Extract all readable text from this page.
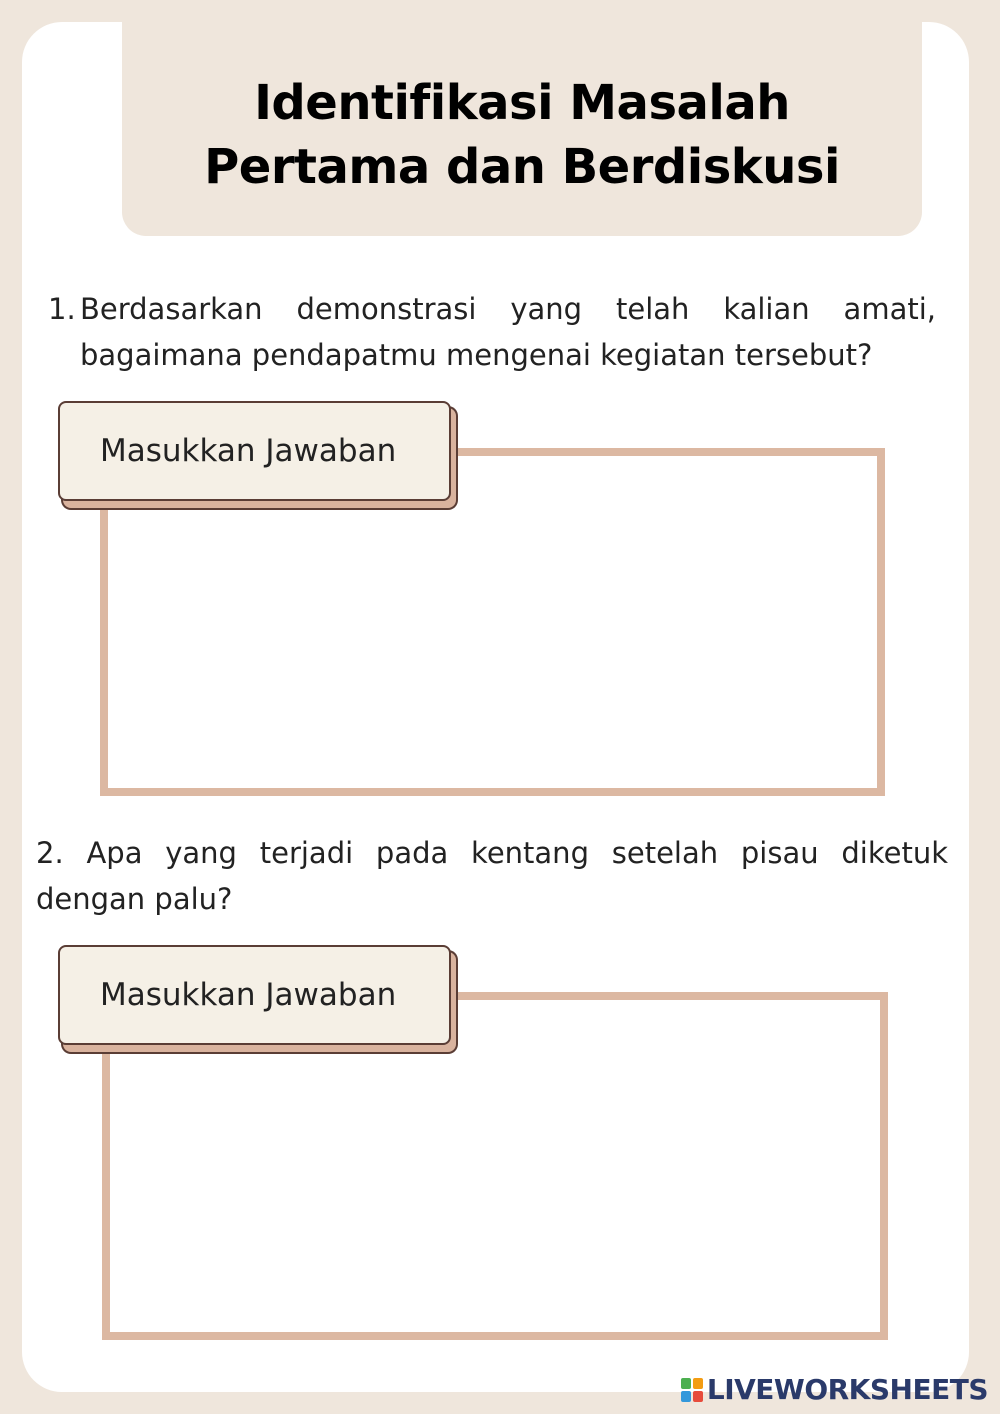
Identifikasi Masalah
Pertama dan Berdiskusi

1. Berdasarkan demonstrasi yang telah kalian amati, bagaimana pendapatmu mengenai kegiatan tersebut?

Masukkan Jawaban

2. Apa yang terjadi pada kentang setelah pisau diketuk dengan palu?

Masukkan Jawaban
LIVEWORKSHEETS
